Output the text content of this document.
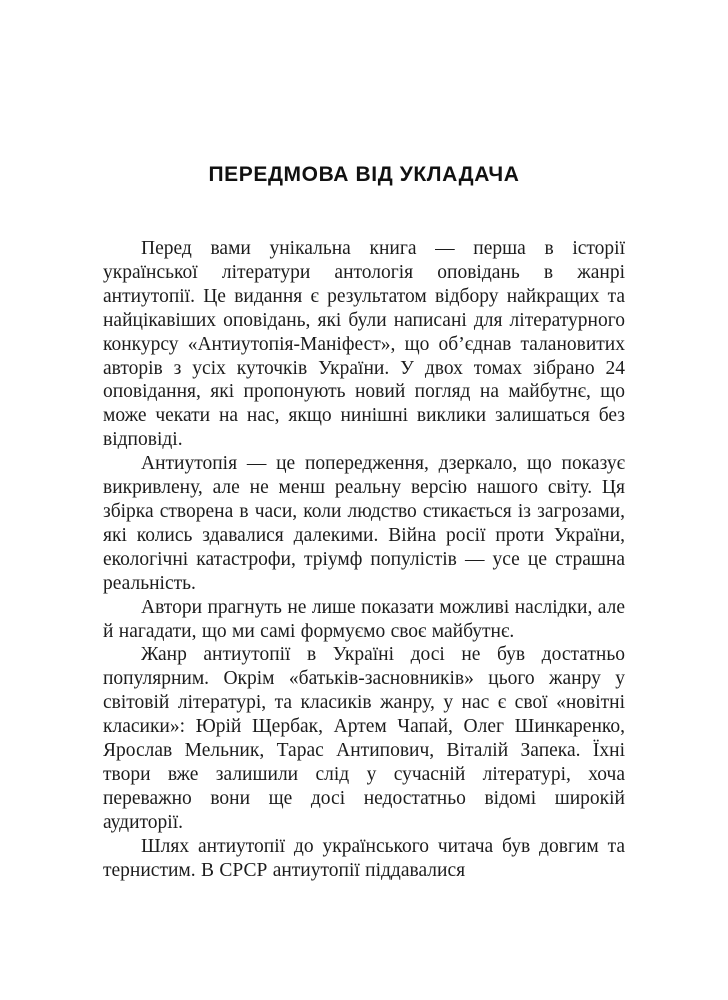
ПЕРЕДМОВА ВІД УКЛАДАЧА

Перед вами унікальна книга — перша в історії української літератури антологія оповідань в жанрі антиутопії. Це видання є результатом відбору найкращих та найцікавіших оповідань, які були написані для літературного конкурсу «Антиутопія-Маніфест», що об’єднав талановитих авторів з усіх куточків України. У двох томах зібрано 24 оповідання, які пропонують новий погляд на майбутнє, що може чекати на нас, якщо нинішні виклики залишаться без відповіді.

Антиутопія — це попередження, дзеркало, що показує викривлену, але не менш реальну версію нашого світу. Ця збірка створена в часи, коли людство стикається із загрозами, які колись здавалися далекими. Війна росії проти України, екологічні катастрофи, тріумф популістів — усе це страшна реальність.

Автори прагнуть не лише показати можливі наслідки, але й нагадати, що ми самі формуємо своє майбутнє.

Жанр антиутопії в Україні досі не був достатньо популярним. Окрім «батьків-засновників» цього жанру у світовій літературі, та класиків жанру, у нас є свої «новітні класики»: Юрій Щербак, Артем Чапай, Олег Шинкаренко, Ярослав Мельник, Тарас Антипович, Віталій Запека. Їхні твори вже залишили слід у сучасній літературі, хоча переважно вони ще досі недостатньо відомі широкій аудиторії.

Шлях антиутопії до українського читача був довгим та тернистим. В СРСР антиутопії піддавалися
